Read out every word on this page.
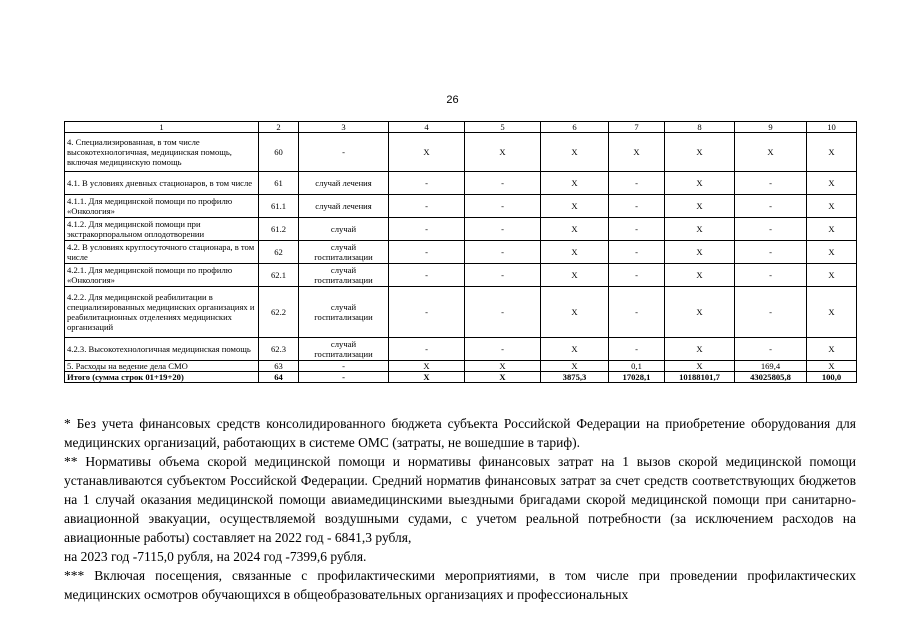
26
1	2	3	4	5	6	7	8	9	10
4. Специализированная, в том числе высокотехнологичная, медицинская помощь, включая медицинскую помощь	60	-	X	X	X	X	X	X	X
4.1. В условиях дневных стационаров, в том числе	61	случай лечения	-	-	X	-	X	-	X
4.1.1. Для медицинской помощи по профилю «Онкология»	61.1	случай лечения	-	-	X	-	X	-	X
4.1.2. Для медицинской помощи при экстракорпоральном оплодотворении	61.2	случай	-	-	X	-	X	-	X
4.2. В условиях круглосуточного стационара, в том числе	62	случай госпитализации	-	-	X	-	X	-	X
4.2.1. Для медицинской помощи по профилю «Онкология»	62.1	случай госпитализации	-	-	X	-	X	-	X
4.2.2. Для медицинской реабилитации в специализированных медицинских организациях и реабилитационных отделениях медицинских организаций	62.2	случай госпитализации	-	-	X	-	X	-	X
4.2.3. Высокотехнологичная медицинская помощь	62.3	случай госпитализации	-	-	X	-	X	-	X
5. Расходы на ведение дела СМО	63	-	X	X	X	0,1	X	169,4	X
Итого (сумма строк 01+19+20)	64	-	X	X	3875,3	17028,1	10188101,7	43025805,8	100,0

* Без учета финансовых средств консолидированного бюджета субъекта Российской Федерации на приобретение оборудования для медицинских организаций, работающих в системе ОМС (затраты, не вошедшие в тариф).

** Нормативы объема скорой медицинской помощи и нормативы финансовых затрат на 1 вызов скорой медицинской помощи устанавливаются субъектом Российской Федерации. Средний норматив финансовых затрат за счет средств соответствующих бюджетов на 1 случай оказания медицинской помощи авиамедицинскими выездными бригадами скорой медицинской помощи при санитарно-авиационной эвакуации, осуществляемой воздушными судами, с учетом реальной потребности (за исключением расходов на авиационные работы) составляет на 2022 год - 6841,3 рубля,

на 2023 год -7115,0 рубля, на 2024 год -7399,6 рубля.

*** Включая посещения, связанные с профилактическими мероприятиями, в том числе при проведении профилактических медицинских осмотров обучающихся в общеобразовательных организациях и профессиональных
